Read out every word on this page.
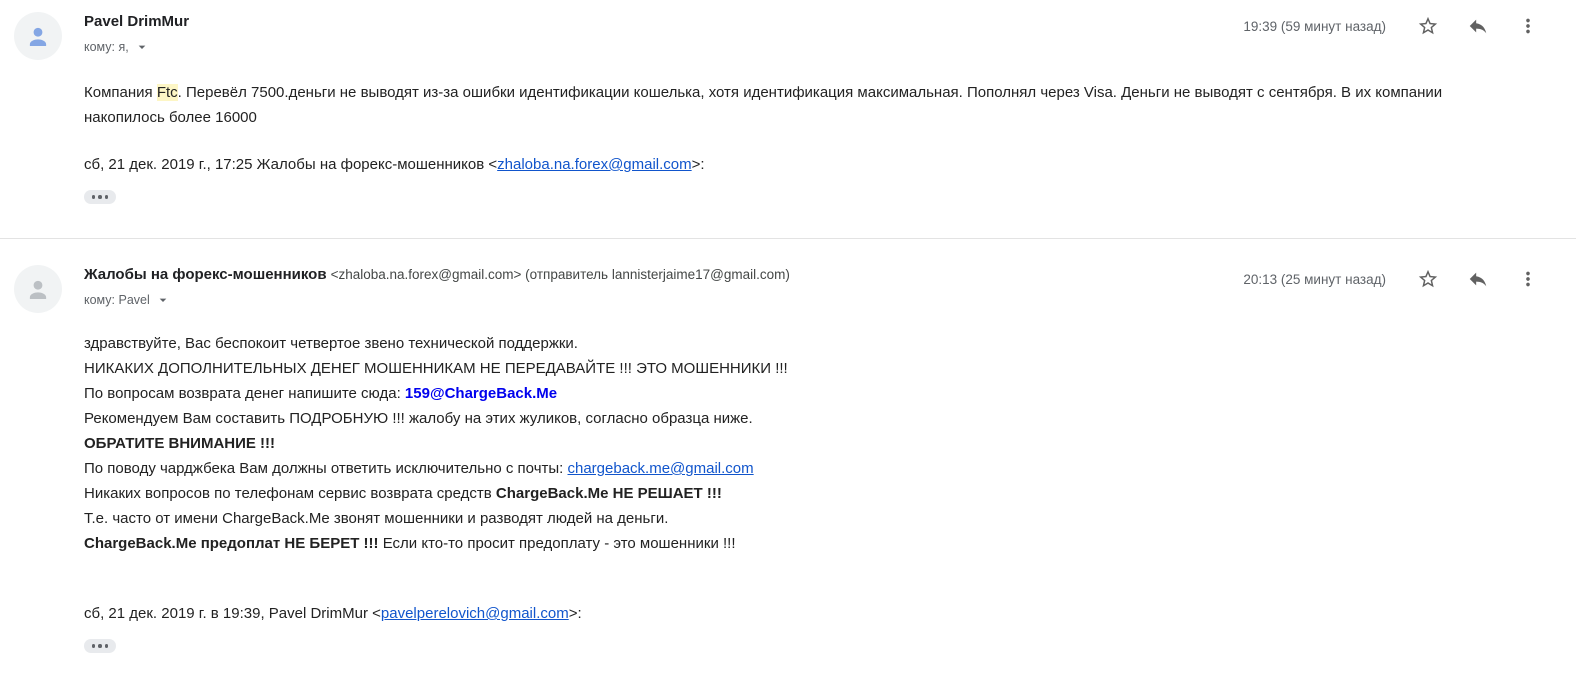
Pavel DrimMur
кому: я,
19:39 (59 минут назад)
Компания Ftc. Перевёл 7500.деньги не выводят из-за ошибки идентификации кошелька, хотя идентификация максимальная. Пополнял через Visa. Деньги не выводят с сентября. В их компании накопилось более 16000
сб, 21 дек. 2019 г., 17:25 Жалобы на форекс-мошенников <zhaloba.na.forex@gmail.com>:
Жалобы на форекс-мошенников <zhaloba.na.forex@gmail.com> (отправитель lannisterjaime17@gmail.com)
кому: Pavel
20:13 (25 минут назад)
здравствуйте, Вас беспокоит четвертое звено технической поддержки.
НИКАКИХ ДОПОЛНИТЕЛЬНЫХ ДЕНЕГ МОШЕННИКАМ НЕ ПЕРЕДАВАЙТЕ !!! ЭТО МОШЕННИКИ !!!
По вопросам возврата денег напишите сюда: 159@ChargeBack.Me
Рекомендуем Вам составить ПОДРОБНУЮ !!! жалобу на этих жуликов, согласно образца ниже.
ОБРАТИТЕ ВНИМАНИЕ !!!
По поводу чарджбека Вам должны ответить исключительно с почты: chargeback.me@gmail.com
Никаких вопросов по телефонам сервис возврата средств ChargeBack.Me НЕ РЕШАЕТ !!!
Т.е. часто от имени ChargeBack.Me звонят мошенники и разводят людей на деньги.
ChargeBack.Me предоплат НЕ БЕРЕТ !!! Если кто-то просит предоплату - это мошенники !!!
сб, 21 дек. 2019 г. в 19:39, Pavel DrimMur <pavelperelovich@gmail.com>:
